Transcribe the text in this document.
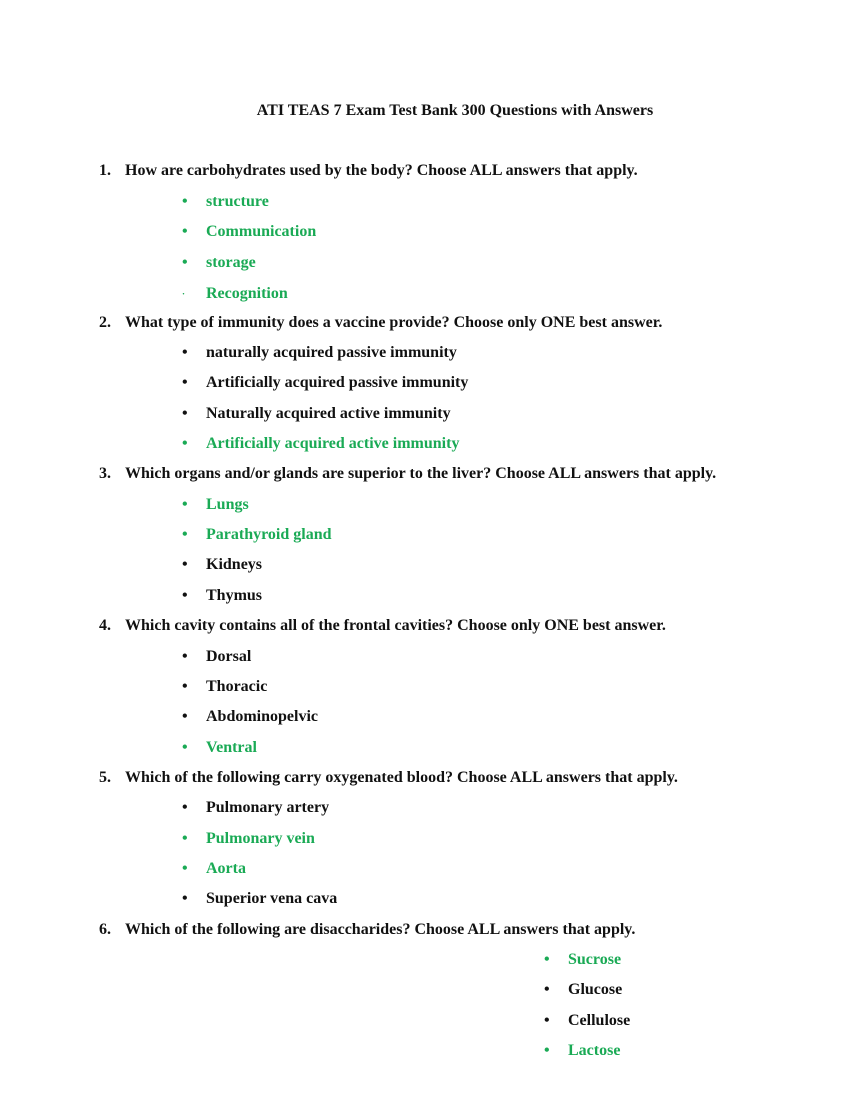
ATI TEAS 7 Exam Test Bank 300 Questions with Answers
1. How are carbohydrates used by the body? Choose ALL answers that apply.
•	structure
•	Communication
•	storage
·	Recognition
2. What type of immunity does a vaccine provide? Choose only ONE best answer.
•	naturally acquired passive immunity
•	Artificially acquired passive immunity
•	Naturally acquired active immunity
•	Artificially acquired active immunity
3. Which organs and/or glands are superior to the liver? Choose ALL answers that apply.
•	Lungs
•	Parathyroid gland
•	Kidneys
•	Thymus
4. Which cavity contains all of the frontal cavities? Choose only ONE best answer.
•	Dorsal
•	Thoracic
•	Abdominopelvic
•	Ventral
5. Which of the following carry oxygenated blood? Choose ALL answers that apply.
•	Pulmonary artery
•	Pulmonary vein
•	Aorta
•	Superior vena cava
6. Which of the following are disaccharides? Choose ALL answers that apply.
•	Sucrose
•	Glucose
•	Cellulose
•	Lactose
